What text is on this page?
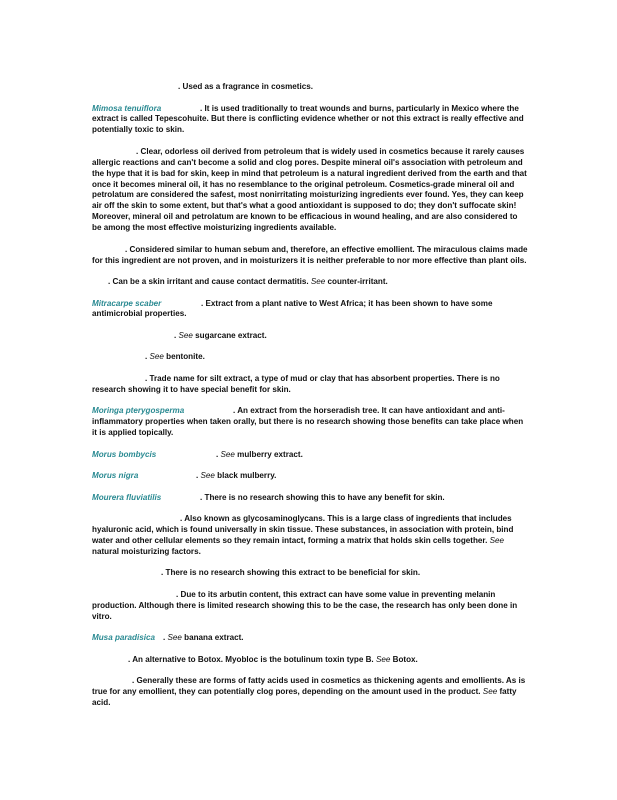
. Used as a fragrance in cosmetics.

Mimosa tenuiflora	. It is used traditionally to treat wounds and burns, particularly in Mexico where the extract is called Tepescohuite. But there is conflicting evidence whether or not this extract is really effective and potentially toxic to skin.

. Clear, odorless oil derived from petroleum that is widely used in cosmetics because it rarely causes allergic reactions and can't become a solid and clog pores. Despite mineral oil's association with petroleum and the hype that it is bad for skin, keep in mind that petroleum is a natural ingredient derived from the earth and that once it becomes mineral oil, it has no resemblance to the original petroleum. Cosmetics-grade mineral oil and petrolatum are considered the safest, most nonirritating moisturizing ingredients ever found. Yes, they can keep air off the skin to some extent, but that's what a good antioxidant is supposed to do; they don't suffocate skin! Moreover, mineral oil and petrolatum are known to be efficacious in wound healing, and are also considered to be among the most effective moisturizing ingredients available.

. Considered similar to human sebum and, therefore, an effective emollient. The miraculous claims made for this ingredient are not proven, and in moisturizers it is neither preferable to nor more effective than plant oils.

. Can be a skin irritant and cause contact dermatitis. See counter-irritant.

Mitracarpe scaber	. Extract from a plant native to West Africa; it has been shown to have some antimicrobial properties.

. See sugarcane extract.

. See bentonite.

. Trade name for silt extract, a type of mud or clay that has absorbent properties. There is no research showing it to have special benefit for skin.

Moringa pterygosperma	. An extract from the horseradish tree. It can have antioxidant and anti-inflammatory properties when taken orally, but there is no research showing those benefits can take place when it is applied topically.

Morus bombycis	. See mulberry extract.

Morus nigra	. See black mulberry.

Mourera fluviatilis	. There is no research showing this to have any benefit for skin.

. Also known as glycosaminoglycans. This is a large class of ingredients that includes hyaluronic acid, which is found universally in skin tissue. These substances, in association with protein, bind water and other cellular elements so they remain intact, forming a matrix that holds skin cells together. See natural moisturizing factors.

. There is no research showing this extract to be beneficial for skin.

. Due to its arbutin content, this extract can have some value in preventing melanin production. Although there is limited research showing this to be the case, the research has only been done in vitro.

Musa paradisica . See banana extract.

. An alternative to Botox. Myobloc is the botulinum toxin type B. See Botox.

. Generally these are forms of fatty acids used in cosmetics as thickening agents and emollients. As is true for any emollient, they can potentially clog pores, depending on the amount used in the product. See fatty acid.
